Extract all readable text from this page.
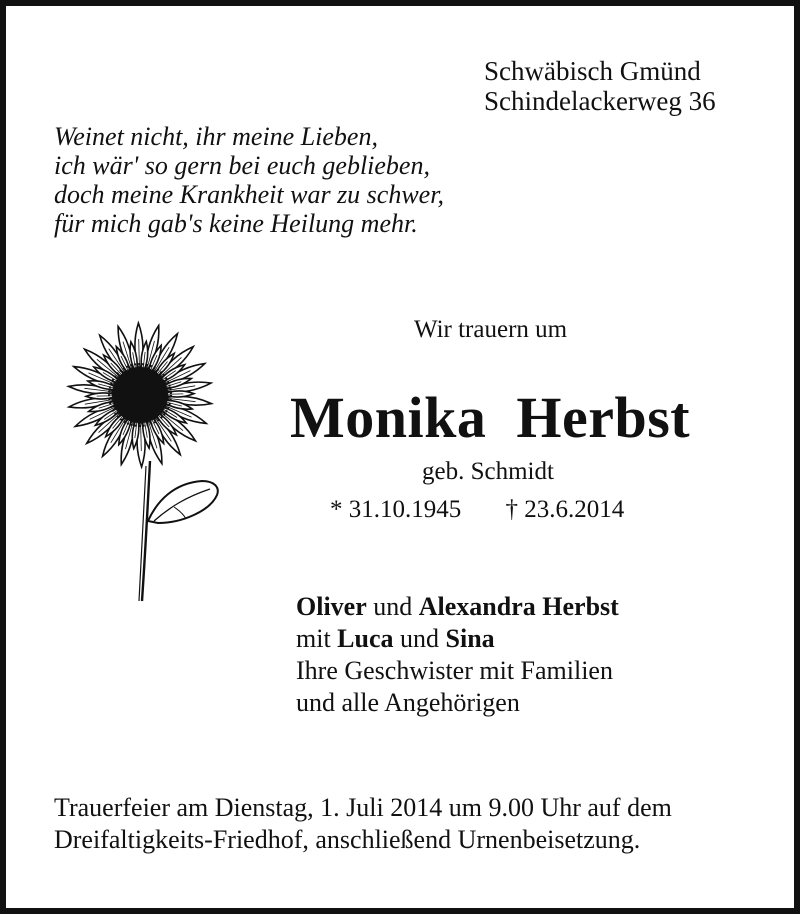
Schwäbisch Gmünd
Schindelackerweg 36
Weinet nicht, ihr meine Lieben,
ich wär' so gern bei euch geblieben,
doch meine Krankheit war zu schwer,
für mich gab's keine Heilung mehr.
Wir trauern um
Monika  Herbst
geb. Schmidt
* 31.10.1945 † 23.6.2014
Oliver und Alexandra Herbst
mit Luca und Sina
Ihre Geschwister mit Familien
und alle Angehörigen
Trauerfeier am Dienstag, 1. Juli 2014 um 9.00 Uhr auf dem
Dreifaltigkeits-Friedhof, anschließend Urnenbeisetzung.
